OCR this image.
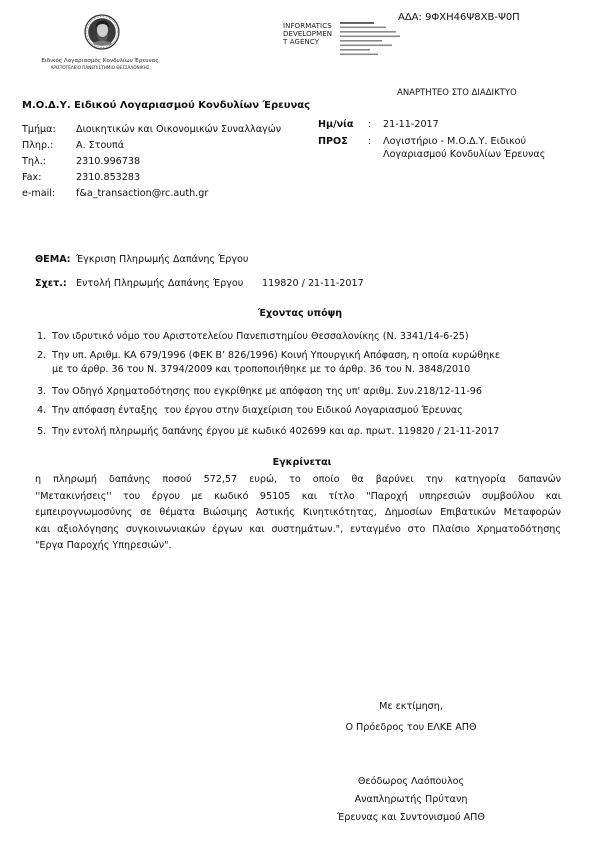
Ειδικός Λογαριασμός Κονδυλίων Έρευνας
ΑΡΙΣΤΟΤΕΛΕΙΟ ΠΑΝΕΠΙΣΤΗΜΙΟ ΘΕΣΣΑΛΟΝΙΚΗΣ
INFORMATICS
DEVELOPMEN
T AGENCY
ΑΔΑ: 9ΦΧΗ46Ψ8ΧΒ-Ψ0Π
ΑΝΑΡΤΗΤΕΟ ΣΤΟ ΔΙΑΔΙΚΤΥΟ
Μ.Ο.Δ.Υ. Ειδικού Λογαριασμού Κονδυλίων Έρευνας
Τμήμα: Διοικητικών και Οικονομικών Συναλλαγών
Πληρ.: Α. Στουπά
Τηλ.:	2310.996738
Fax:	2310.853283
e-mail: f&a_transaction@rc.auth.gr
Ημ/νία : 21-11-2017
ΠΡΟΣ : Λογιστήριο - Μ.Ο.Δ.Υ. Ειδικού
Λογαριασμού Κονδυλίων Έρευνας
ΘΕΜΑ: Έγκριση Πληρωμής Δαπάνης Έργου
Σχετ.: Εντολή Πληρωμής Δαπάνης Έργου 119820 / 21-11-2017
Έχοντας υπόψη
1. Τον ιδρυτικό νόμο του Αριστοτελείου Πανεπιστημίου Θεσσαλονίκης (Ν. 3341/14-6-25)
2. Την υπ. Αριθμ. ΚΑ 679/1996 (ΦΕΚ Β’ 826/1996) Κοινή Υπουργική Απόφαση, η οποία κυρώθηκε
με το άρθρ. 36 του Ν. 3794/2009 και τροποποιήθηκε με το άρθρ. 36 του Ν. 3848/2010
3. Τον Οδηγό Χρηματοδότησης που εγκρίθηκε με απόφαση της υπ' αριθμ. Συν.218/12-11-96
4. Την απόφαση ένταξης  του έργου στην διαχείριση του Ειδικού Λογαριασμού Έρευνας
5. Την εντολή πληρωμής δαπάνης έργου με κωδικό 402699 και αρ. πρωτ. 119820 / 21-11-2017
Εγκρίνεται
η πληρωμή δαπάνης ποσού 572,57 ευρώ, το οποίο θα βαρύνει την κατηγορία δαπανών
''Μετακινήσεις'' του έργου με κωδικό 95105 και τίτλο "Παροχή υπηρεσιών συμβούλου και
εμπειρογνωμοσύνης σε θέματα Βιώσιμης Αστικής Κινητικότητας, Δημοσίων Επιβατικών Μεταφορών
και αξιολόγησης συγκοινωνιακών έργων και συστημάτων.", ενταγμένο στο Πλαίσιο Χρηματοδότησης
"Εργα Παροχής Υπηρεσιών".
Με εκτίμηση,
Ο Πρόεδρος του ΕΛΚΕ ΑΠΘ
Θεόδωρος Λαόπουλος
Αναπληρωτής Πρύτανη
Έρευνας και Συντονισμού ΑΠΘ
